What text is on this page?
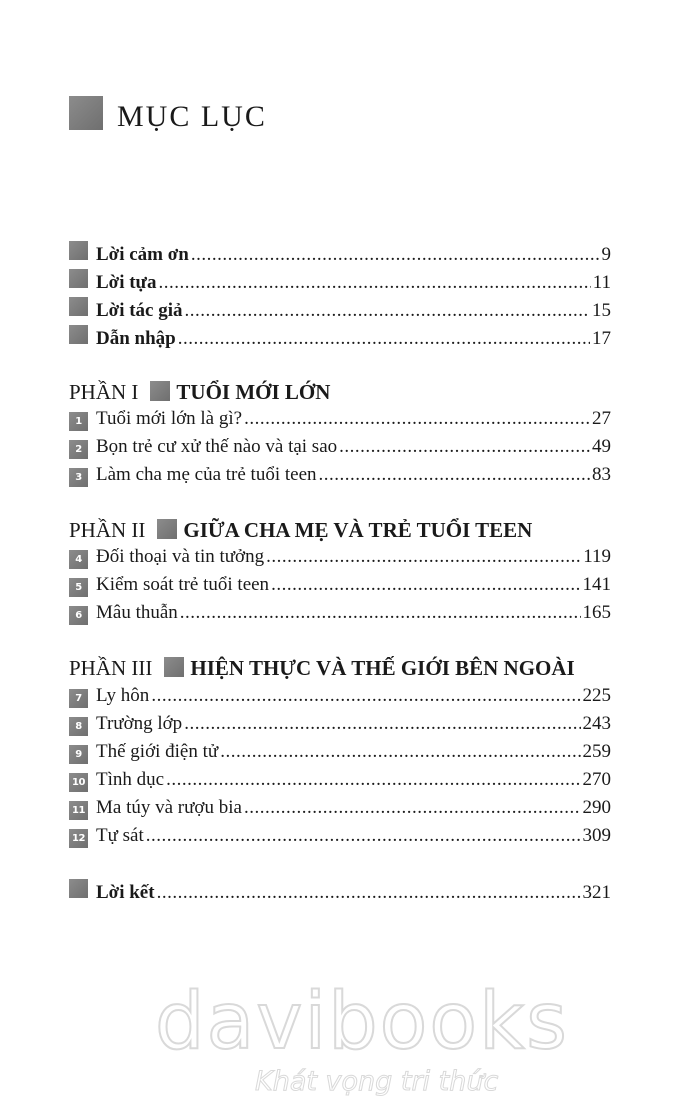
MỤC LỤC
Lời cảm ơn .....	9
Lời tựa .....	11
Lời tác giả .....	15
Dẫn nhập .....	17
PHẦN I TUỔI MỚI LỚN
1 Tuổi mới lớn là gì? .....	27
2 Bọn trẻ cư xử thế nào và tại sao .....	49
3 Làm cha mẹ của trẻ tuổi teen .....	83
PHẦN II GIỮA CHA MẸ VÀ TRẺ TUỔI TEEN
4 Đối thoại và tin tưởng .....	119
5 Kiểm soát trẻ tuổi teen .....	141
6 Mâu thuẫn .....	165
PHẦN III HIỆN THỰC VÀ THẾ GIỚI BÊN NGOÀI
7 Ly hôn .....	225
8 Trường lớp .....	243
9 Thế giới điện tử .....	259
10 Tình dục .....	270
11 Ma túy và rượu bia .....	290
12 Tự sát .....	309
Lời kết .....	321
davibooks
Khát vọng tri thức
